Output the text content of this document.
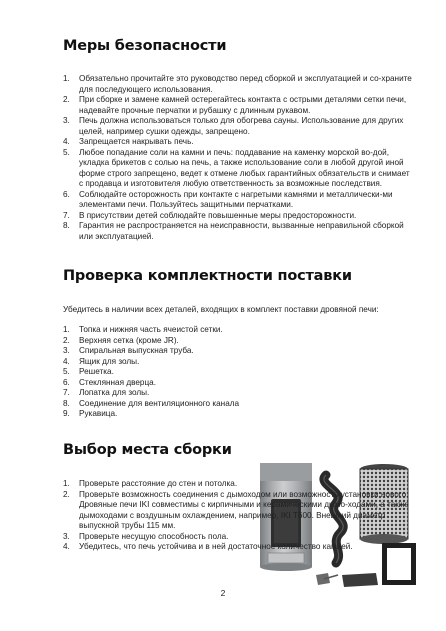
Меры безопасности
1. Обязательно прочитайте это руководство перед сборкой и эксплуатацией и со-храните для последующего использования.
2. При сборке и замене камней остерегайтесь контакта с острыми деталями сетки печи, надевайте прочные перчатки и рубашку с длинным рукавом.
3. Печь должна использоваться только для обогрева сауны. Использование для других целей, например сушки одежды, запрещено.
4. Запрещается накрывать печь.
5. Любое попадание соли на камни и печь: поддавание на каменку морской во-дой, укладка брикетов с солью на печь, а также использование соли в любой другой иной форме строго запрещено, ведет к отмене любых гарантийных обязательств и снимает с продавца и изготовителя любую ответственность за возможные последствия.
6. Соблюдайте осторожность при контакте с нагретыми камнями и металлически-ми элементами печи. Пользуйтесь защитными перчатками.
7. В присутствии детей соблюдайте повышенные меры предосторожности.
8. Гарантия не распространяется на неисправности, вызванные неправильной сборкой или эксплуатацией.
Проверка комплектности поставки

Убедитесь в наличии всех деталей, входящих в комплект поставки дровяной печи:

1. Топка и нижняя часть ячеистой сетки.
2. Верхняя сетка (кроме JR).
3. Спиральная выпускная труба.
4. Ящик для золы.
5. Решетка.
6. Стеклянная дверца.
7. Лопатка для золы.
8. Соединение для вентиляционного канала
9. Рукавица.
Выбор места сборки
1. Проверьте расстояние до стен и потолка.
2. Проверьте возможность соединения с дымоходом или возможность установки нового. Дровяные печи IKI совместимы с кирпичными и керамическими дымо-ходами, а также дымоходами с воздушным охлаждением, например, IKI T600. Внешний диаметр выпускной трубы 115 мм.
3. Проверьте несущую способность пола.
4. Убедитесь, что печь устойчива и в ней достаточное количество камней.
2
